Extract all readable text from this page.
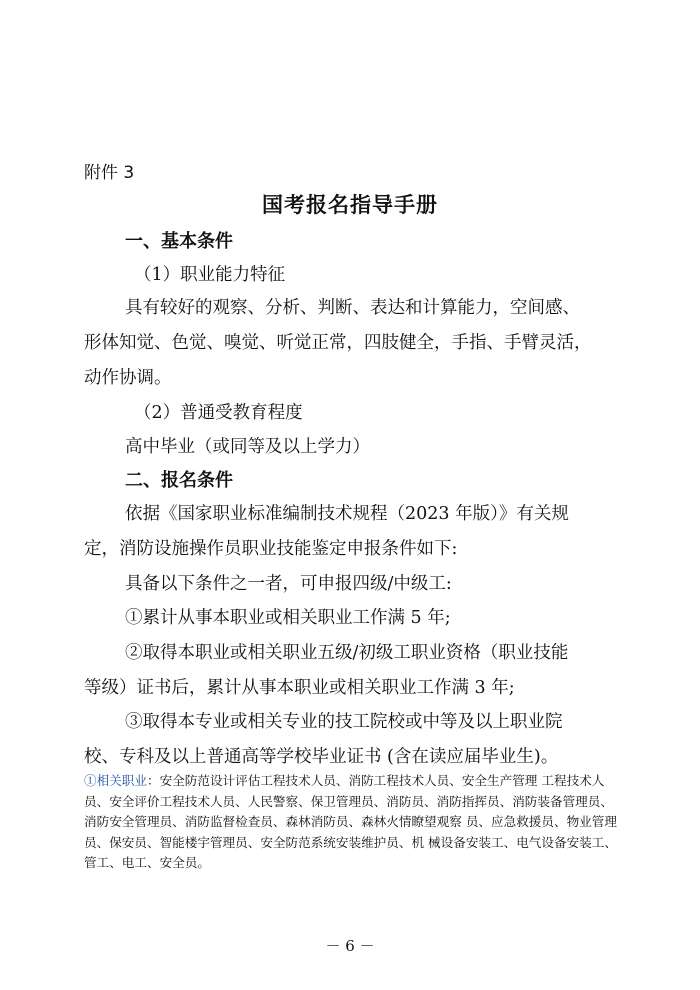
附件 3
国考报名指导手册
一、基本条件
（1）职业能力特征
具有较好的观察、分析、判断、表达和计算能力，空间感、
形体知觉、色觉、嗅觉、听觉正常，四肢健全，手指、手臂灵活，
动作协调。
（2）普通受教育程度
高中毕业（或同等及以上学力）
二、报名条件
依据《国家职业标准编制技术规程（2023 年版）》有关规
定，消防设施操作员职业技能鉴定申报条件如下:
具备以下条件之一者，可申报四级/中级工:
①累计从事本职业或相关职业工作满 5 年;
②取得本职业或相关职业五级/初级工职业资格（职业技能
等级）证书后，累计从事本职业或相关职业工作满 3 年;
③取得本专业或相关专业的技工院校或中等及以上职业院
校、专科及以上普通高等学校毕业证书 (含在读应届毕业生)。
①相关职业：安全防范设计评估工程技术人员、消防工程技术人员、安全生产管理 工程技术人员、安全评价工程技术人员、人民警察、保卫管理员、消防员、消防指挥员、消防装备管理员、消防安全管理员、消防监督检查员、森林消防员、森林火情瞭望观察 员、应急救援员、物业管理员、保安员、智能楼宇管理员、安全防范系统安装维护员、机 械设备安装工、电气设备安装工、管工、电工、安全员。
－ 6 －
